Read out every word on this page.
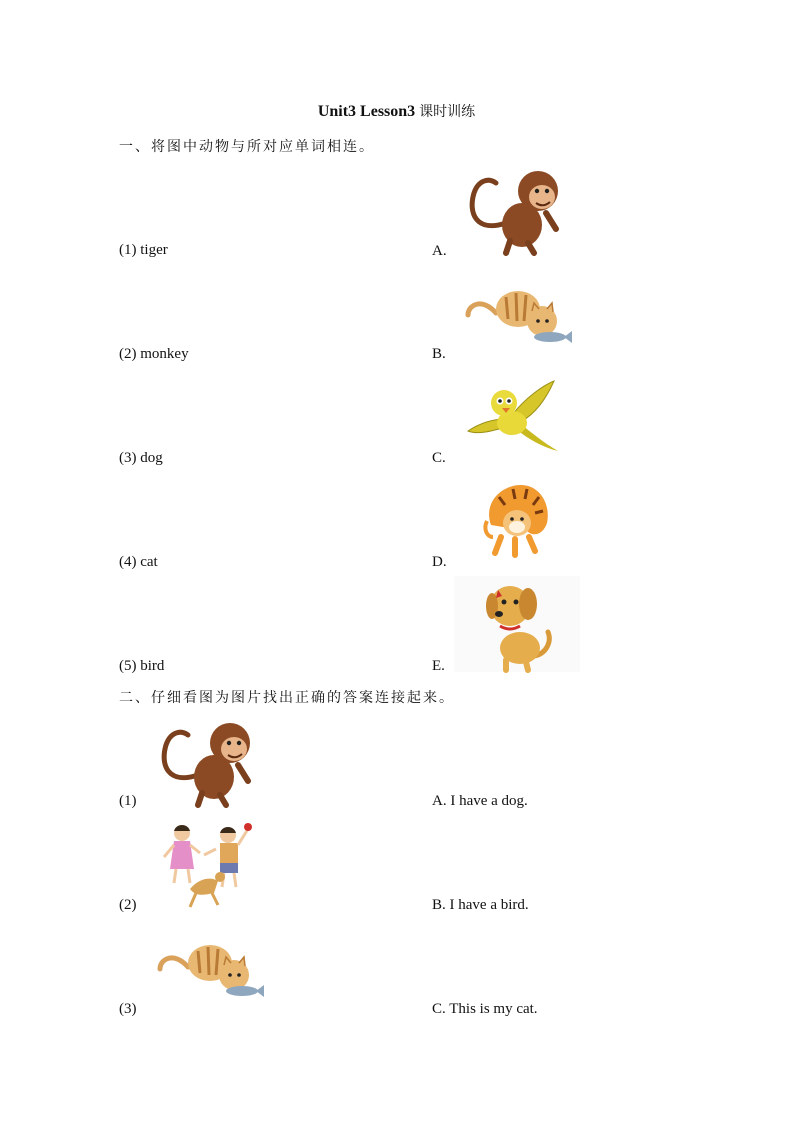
Unit3 Lesson3 课时训练
一、将图中动物与所对应单词相连。
(1) tiger
(2) monkey
(3) dog
(4) cat
(5) bird
A.
B.
C.
D.
E.
二、仔细看图为图片找出正确的答案连接起来。
(1)
(2)
(3)
A. I have a dog.
B. I have a bird.
C. This is my cat.
